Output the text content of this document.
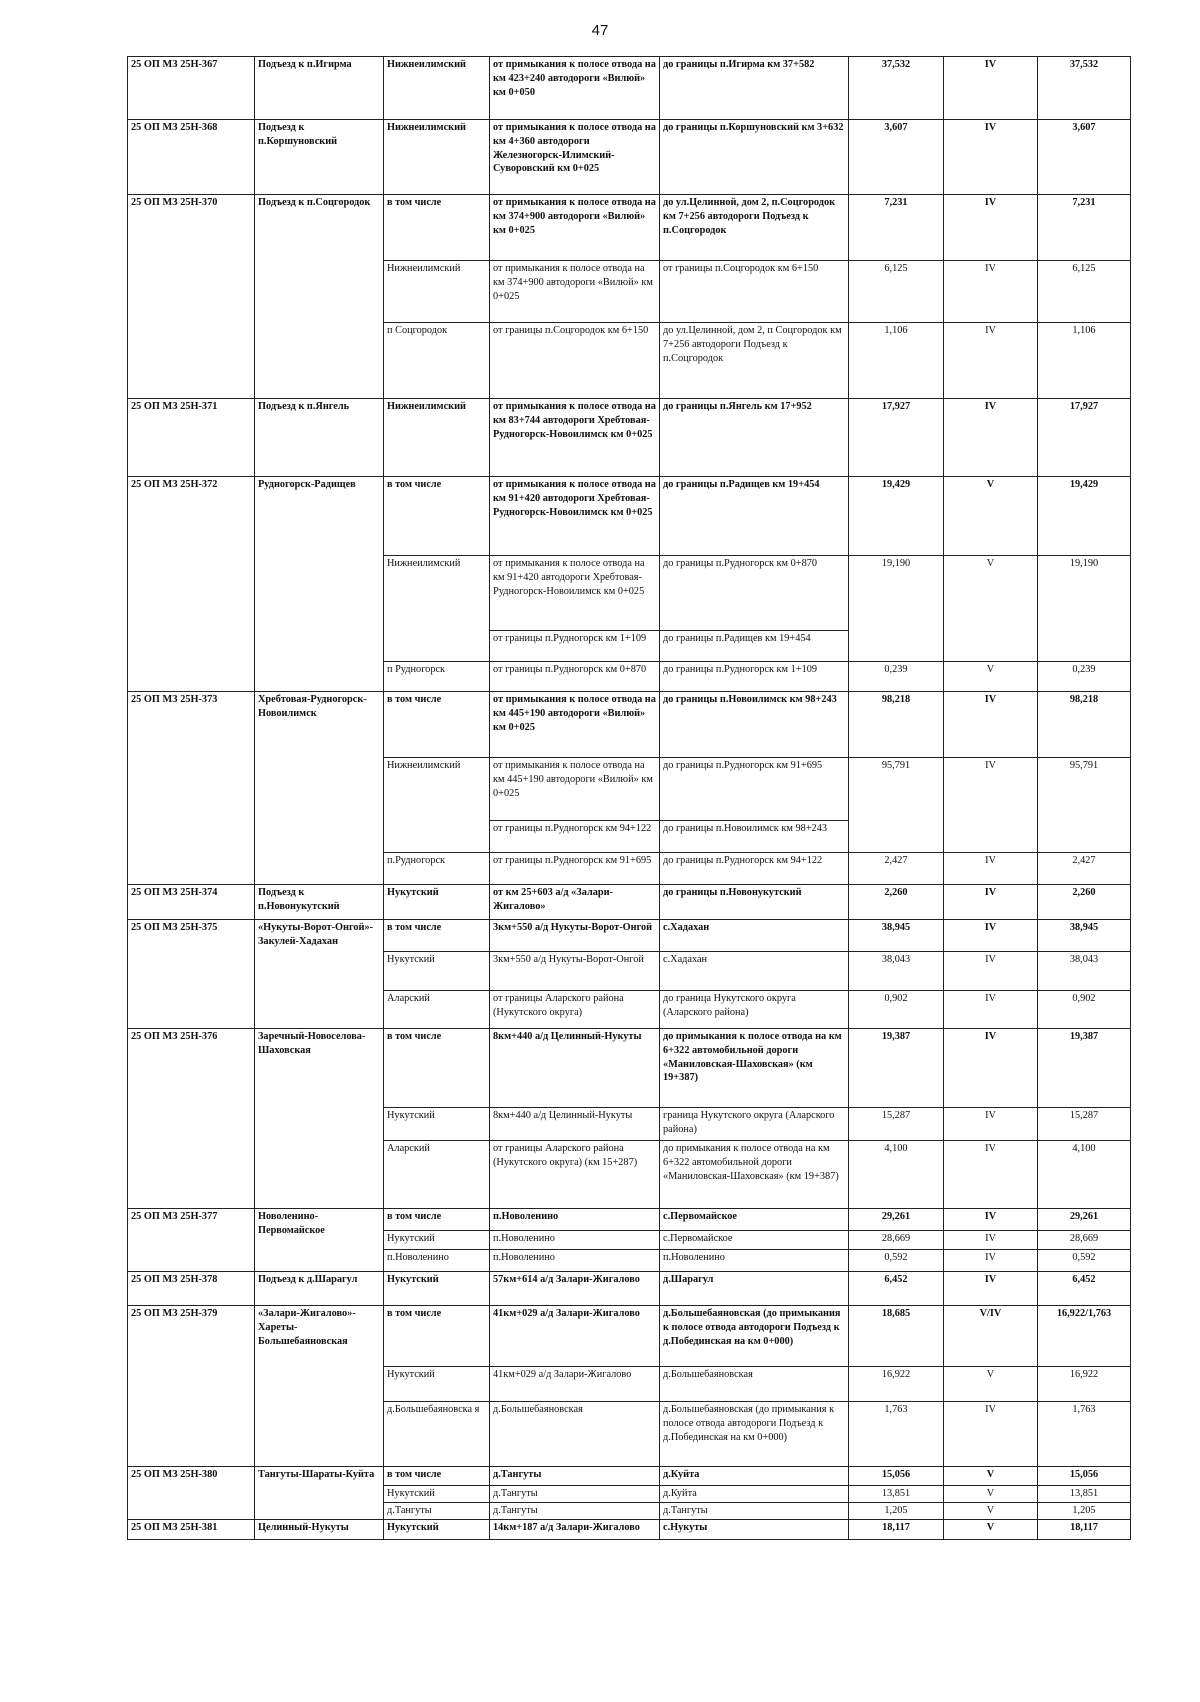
47
25 ОП МЗ 25Н-367	Подъезд к п.Игирма	Нижнеилимский	от примыкания к полосе отвода на км 423+240 автодороги «Вилюй» км 0+050	до границы п.Игирма км 37+582	37,532	IV	37,532
25 ОП МЗ 25Н-368	Подъезд к п.Коршуновский	Нижнеилимский	от примыкания к полосе отвода на км 4+360 автодороги Железногорск-Илимский-Суворовский км 0+025	до границы п.Коршуновский км 3+632	3,607	IV	3,607
25 ОП МЗ 25Н-370	Подъезд к п.Соцгородок	в том числе	от примыкания к полосе отвода на км 374+900 автодороги «Вилюй» км 0+025	до ул.Целинной, дом 2, п.Соцгородок км 7+256 автодороги Подъезд к п.Соцгородок	7,231	IV	7,231
		Нижнеилимский	от примыкания к полосе отвода на км 374+900 автодороги «Вилюй» км 0+025	от границы п.Соцгородок км 6+150	6,125	IV	6,125
		п Соцгородок	от границы п.Соцгородок км 6+150	до ул.Целинной, дом 2, п Соцгородок км 7+256 автодороги Подъезд к п.Соцгородок	1,106	IV	1,106
25 ОП МЗ 25Н-371	Подъезд к п.Янгель	Нижнеилимский	от примыкания к полосе отвода на км 83+744 автодороги Хребтовая-Рудногорск-Новоилимск км 0+025	до границы п.Янгель км 17+952	17,927	IV	17,927
25 ОП МЗ 25Н-372	Рудногорск-Радищев	в том числе	от примыкания к полосе отвода на км 91+420 автодороги Хребтовая-Рудногорск-Новоилимск км 0+025	до границы п.Радищев км 19+454	19,429	V	19,429
		Нижнеилимский	от примыкания к полосе отвода на км 91+420 автодороги Хребтовая-Рудногорск-Новоилимск км 0+025	до границы п.Рудногорск км 0+870	19,190	V	19,190
			от границы п.Рудногорск км 1+109	до границы п.Радищев км 19+454			
		п Рудногорск	от границы п.Рудногорск км 0+870	до границы п.Рудногорск км 1+109	0,239	V	0,239
25 ОП МЗ 25Н-373	Хребтовая-Рудногорск-Новоилимск	в том числе	от примыкания к полосе отвода на км 445+190 автодороги «Вилюй» км 0+025	до границы п.Новоилимск км 98+243	98,218	IV	98,218
		Нижнеилимский	от примыкания к полосе отвода на км 445+190 автодороги «Вилюй» км 0+025	до границы п.Рудногорск км 91+695	95,791	IV	95,791
			от границы п.Рудногорск км 94+122	до границы п.Новоилимск км 98+243			
		п.Рудногорск	от границы п.Рудногорск км 91+695	до границы п.Рудногорск км 94+122	2,427	IV	2,427
25 ОП МЗ 25Н-374	Подъезд к п.Новонукутский	Нукутский	от км 25+603 а/д «Залари-Жигалово»	до границы п.Новонукутский	2,260	IV	2,260
25 ОП МЗ 25Н-375	«Нукуты-Ворот-Онгой»-Закулей-Хадахан	в том числе	3км+550 а/д Нукуты-Ворот-Онгой	с.Хадахан	38,945	IV	38,945
		Нукутский	3км+550 а/д Нукуты-Ворот-Онгой	с.Хадахан	38,043	IV	38,043
		Аларский	от границы Аларского района (Нукутского округа)	до граница Нукутского округа (Аларского района)	0,902	IV	0,902
25 ОП МЗ 25Н-376	Заречный-Новоселова-Шаховская	в том числе	8км+440 а/д Целинный-Нукуты	до примыкания к полосе отвода на км 6+322 автомобильной дороги «Маниловская-Шаховская» (км 19+387)	19,387	IV	19,387
		Нукутский	8км+440 а/д Целинный-Нукуты	граница Нукутского округа (Аларского района)	15,287	IV	15,287
		Аларский	от границы Аларского района (Нукутского округа) (км 15+287)	до примыкания к полосе отвода на км 6+322 автомобильной дороги «Маниловская-Шаховская» (км 19+387)	4,100	IV	4,100
25 ОП МЗ 25Н-377	Новоленино-Первомайское	в том числе	п.Новоленино	с.Первомайское	29,261	IV	29,261
		Нукутский	п.Новоленино	с.Первомайское	28,669	IV	28,669
		п.Новоленино	п.Новоленино	п.Новоленино	0,592	IV	0,592
25 ОП МЗ 25Н-378	Подъезд к д.Шарагул	Нукутский	57км+614 а/д Залари-Жигалово	д.Шарагул	6,452	IV	6,452
25 ОП МЗ 25Н-379	«Залари-Жигалово»-Хареты-Большебаяновская	в том числе	41км+029 а/д Залари-Жигалово	д.Большебаяновская (до примыкания к полосе отвода автодороги Подъезд к д.Побединская на км 0+000)	18,685	V/IV	16,922/1,763
		Нукутский	41км+029 а/д Залари-Жигалово	д.Большебаяновская	16,922	V	16,922
		д.Большебаяновска я	д.Большебаяновская	д.Большебаяновская (до примыкания к полосе отвода автодороги Подъезд к д.Побединская на км 0+000)	1,763	IV	1,763
25 ОП МЗ 25Н-380	Тангуты-Шараты-Куйта	в том числе	д.Тангуты	д.Куйта	15,056	V	15,056
		Нукутский	д.Тангуты	д.Куйта	13,851	V	13,851
		д.Тангуты	д.Тангуты	д.Тангуты	1,205	V	1,205
25 ОП МЗ 25Н-381	Целинный-Нукуты	Нукутский	14км+187 а/д Залари-Жигалово	с.Нукуты	18,117	V	18,117
